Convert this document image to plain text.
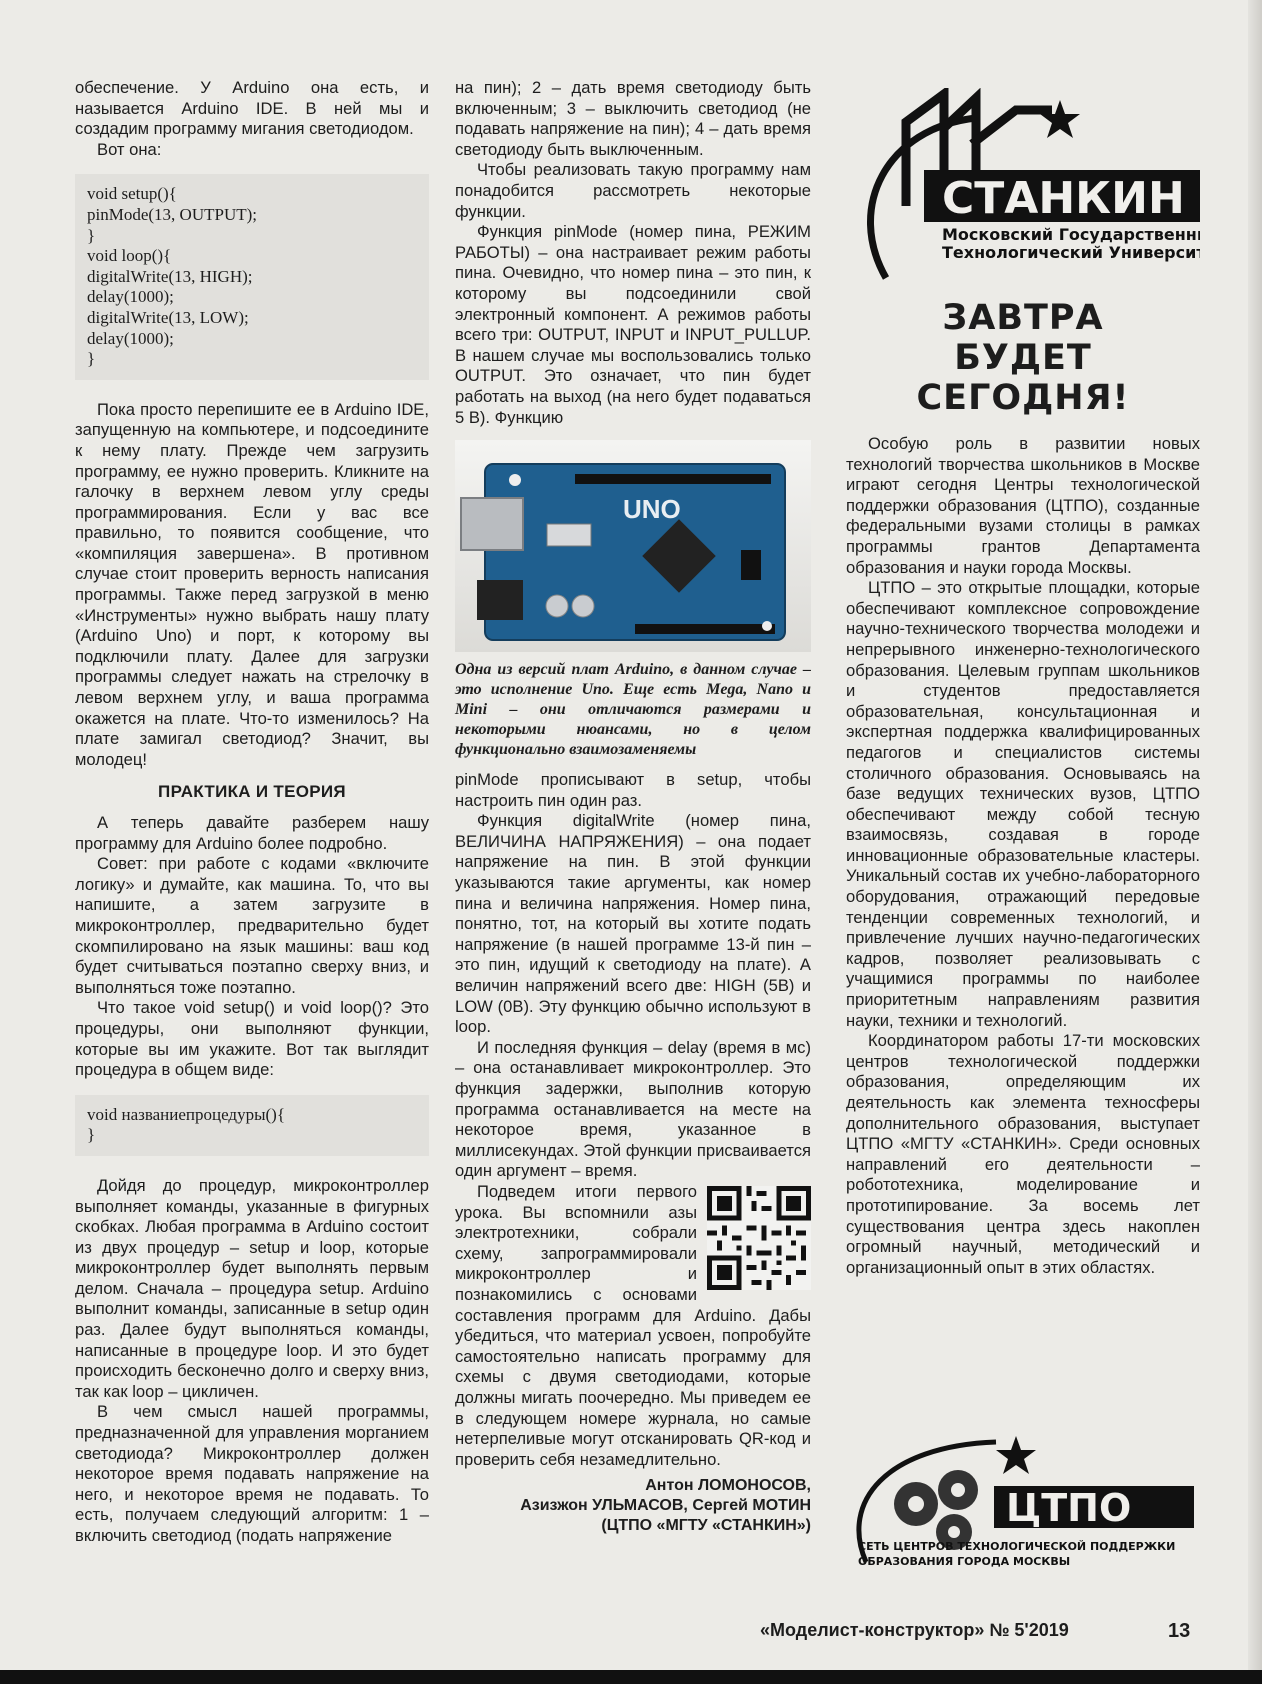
обеспечение. У Arduino она есть, и называется Arduino IDE. В ней мы и создадим программу мигания светодиодом.

Вот она:

void setup(){
pinMode(13, OUTPUT);
}
void loop(){
digitalWrite(13, HIGH);
delay(1000);
digitalWrite(13, LOW);
delay(1000);
}

Пока просто перепишите ее в Arduino IDE, запущенную на компьютере, и подсоедините к нему плату. Прежде чем загрузить программу, ее нужно проверить. Кликните на галочку в верхнем левом углу среды программирования. Если у вас все правильно, то появится сообщение, что «компиляция завершена». В противном случае стоит проверить верность написания программы. Также перед загрузкой в меню «Инструменты» нужно выбрать нашу плату (Arduino Uno) и порт, к которому вы подключили плату. Далее для загрузки программы следует нажать на стрелочку в левом верхнем углу, и ваша программа окажется на плате. Что-то изменилось? На плате замигал светодиод? Значит, вы молодец!

ПРАКТИКА И ТЕОРИЯ

А теперь давайте разберем нашу программу для Arduino более подробно.

Совет: при работе с кодами «включите логику» и думайте, как машина. То, что вы напишите, а затем загрузите в микроконтроллер, предварительно будет скомпилировано на язык машины: ваш код будет считываться поэтапно сверху вниз, и выполняться тоже поэтапно.

Что такое void setup() и void loop()? Это процедуры, они выполняют функции, которые вы им укажите. Вот так выглядит процедура в общем виде:

void названиепроцедуры(){
}

Дойдя до процедур, микроконтроллер выполняет команды, указанные в фигурных скобках. Любая программа в Arduino состоит из двух процедур – setup и loop, которые микроконтроллер будет выполнять первым делом. Сначала – процедура setup. Arduino выполнит команды, записанные в setup один раз. Далее будут выполняться команды, написанные в процедуре loop. И это будет происходить бесконечно долго и сверху вниз, так как loop – цикличен.

В чем смысл нашей программы, предназначенной для управления морганием светодиода? Микроконтроллер должен некоторое время подавать напряжение на него, и некоторое время не подавать. То есть, получаем следующий алгоритм: 1 – включить светодиод (подать напряжение

на пин); 2 – дать время светодиоду быть включенным; 3 – выключить светодиод (не подавать напряжение на пин); 4 – дать время светодиоду быть выключенным.

Чтобы реализовать такую программу нам понадобится рассмотреть некоторые функции.

Функция pinMode (номер пина, РЕЖИМ РАБОТЫ) – она настраивает режим работы пина. Очевидно, что номер пина – это пин, к которому вы подсоединили свой электронный компонент. А режимов работы всего три: OUTPUT, INPUT и INPUT_PULLUP. В нашем случае мы воспользовались только OUTPUT. Это означает, что пин будет работать на выход (на него будет подаваться 5 В). Функцию

UNO
Одна из версий плат Arduino, в данном случае – это исполнение Uno. Еще есть Mega, Nano и Mini – они отличаются размерами и некоторыми нюансами, но в целом функционально взаимозаменяемы

pinMode прописывают в setup, чтобы настроить пин один раз.

Функция digitalWrite (номер пина, ВЕЛИЧИНА НАПРЯЖЕНИЯ) – она подает напряжение на пин. В этой функции указываются такие аргументы, как номер пина и величина напряжения. Номер пина, понятно, тот, на который вы хотите подать напряжение (в нашей программе 13-й пин – это пин, идущий к светодиоду на плате). А величин напряжений всего две: HIGH (5В) и LOW (0В). Эту функцию обычно используют в loop.

И последняя функция – delay (время в мс) – она останавливает микроконтроллер. Это функция задержки, выполнив которую программа останавливается на месте на некоторое время, указанное в миллисекундах. Этой функции присваивается один аргумент – время.

Подведем итоги первого урока. Вы вспомнили азы электротехники, собрали схему, запрограммировали микроконтроллер и познакомились с основами составления программ для Arduino. Дабы убедиться, что материал усвоен, попробуйте самостоятельно написать программу для схемы с двумя светодиодами, которые должны мигать поочередно. Мы приведем ее в следующем номере журнала, но самые нетерпеливые могут отсканировать QR-код и проверить себя незамедлительно.

Антон ЛОМОНОСОВ,
Азизжон УЛЬМАСОВ, Сергей МОТИН
(ЦТПО «МГТУ «СТАНКИН»)
СТАНКИН
Московский Государственный
Технологический Университет
ЗАВТРА
БУДЕТ
СЕГОДНЯ!

Особую роль в развитии новых технологий творчества школьников в Москве играют сегодня Центры технологической поддержки образования (ЦТПО), созданные федеральными вузами столицы в рамках программы грантов Департамента образования и науки города Москвы.

ЦТПО – это открытые площадки, которые обеспечивают комплексное сопровождение научно-технического творчества молодежи и непрерывного инженерно-технологического образования. Целевым группам школьников и студентов предоставляется образовательная, консультационная и экспертная поддержка квалифицированных педагогов и специалистов системы столичного образования. Основываясь на базе ведущих технических вузов, ЦТПО обеспечивают между собой тесную взаимосвязь, создавая в городе инновационные образовательные кластеры. Уникальный состав их учебно-лабораторного оборудования, отражающий передовые тенденции современных технологий, и привлечение лучших научно-педагогических кадров, позволяет реализовывать с учащимися программы по наиболее приоритетным направлениям развития науки, техники и технологий.

Координатором работы 17-ти московских центров технологической поддержки образования, определяющим их деятельность как элемента техносферы дополнительного образования, выступает ЦТПО «МГТУ «СТАНКИН». Среди основных направлений его деятельности – робототехника, моделирование и прототипирование. За восемь лет существования центра здесь накоплен огромный научный, методический и организационный опыт в этих областях.

ЦТПО
СЕТЬ ЦЕНТРОВ ТЕХНОЛОГИЧЕСКОЙ ПОДДЕРЖКИ
ОБРАЗОВАНИЯ ГОРОДА МОСКВЫ
«Моделист-конструктор» № 5'2019	13
